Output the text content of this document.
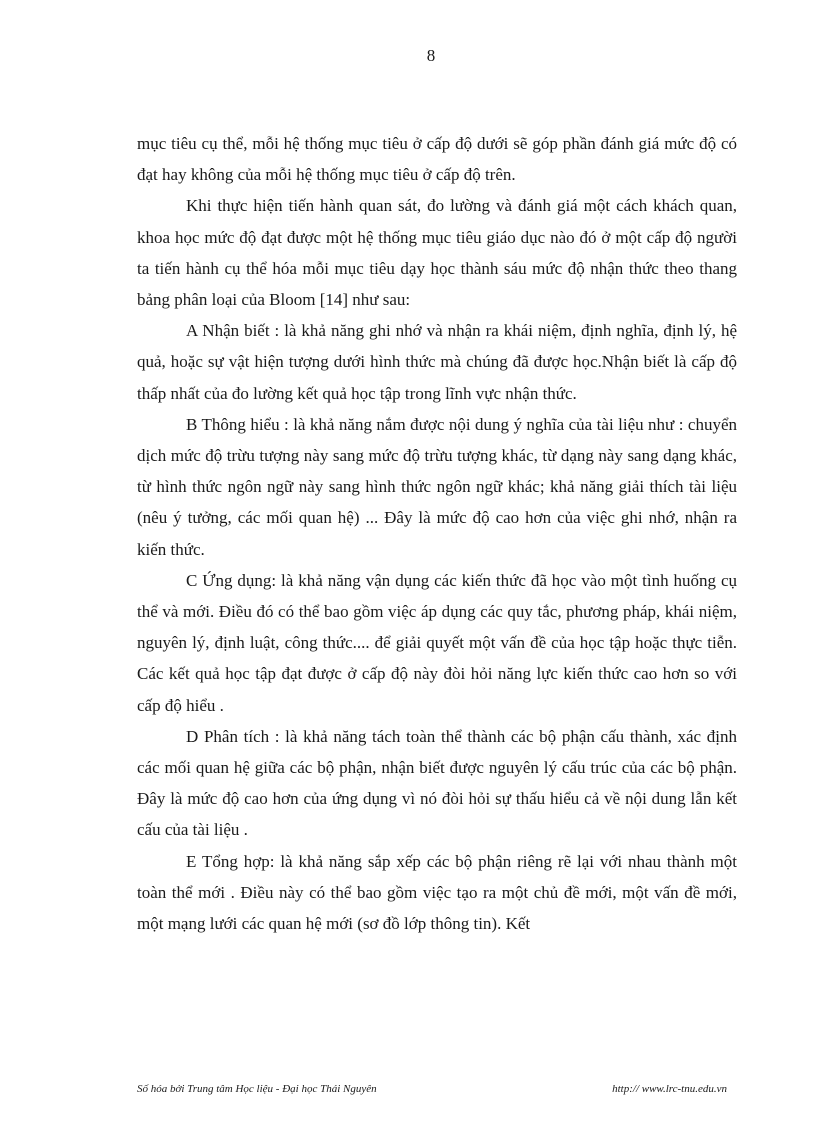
8

mục tiêu cụ thể, mỗi hệ thống mục tiêu ở cấp độ dưới sẽ góp phần đánh giá mức độ có đạt hay không của mỗi hệ thống mục tiêu ở cấp độ trên.

Khi thực hiện tiến hành quan sát, đo lường và đánh giá một cách khách quan, khoa học mức độ đạt được một hệ thống mục tiêu giáo dục nào đó ở một cấp độ người ta tiến hành cụ thể hóa mỗi mục tiêu dạy học thành sáu mức độ nhận thức theo thang bảng phân loại của Bloom [14] như sau:

A Nhận biết : là khả năng ghi nhớ và nhận ra khái niệm, định nghĩa, định lý, hệ quả, hoặc sự vật hiện tượng dưới hình thức mà chúng đã được học.Nhận biết là cấp độ thấp nhất của đo lường kết quả học tập trong lĩnh vực nhận thức.

B Thông hiểu : là khả năng nắm được nội dung ý nghĩa của tài liệu như : chuyển dịch mức độ trừu tượng này sang mức độ trừu tượng khác, từ dạng này sang dạng khác, từ hình thức ngôn ngữ này sang hình thức ngôn ngữ khác; khả năng giải thích tài liệu (nêu ý tưởng, các mối quan hệ) ... Đây là mức độ cao hơn của việc ghi nhớ, nhận ra kiến thức.

C Ứng dụng: là khả năng vận dụng các kiến thức đã học vào một tình huống cụ thể và mới. Điều đó có thể bao gồm việc áp dụng các quy tắc, phương pháp, khái niệm, nguyên lý, định luật, công thức.... để giải quyết một vấn đề của học tập hoặc thực tiễn. Các kết quả học tập đạt được ở cấp độ này đòi hỏi năng lực kiến thức cao hơn so với cấp độ hiểu .

D Phân tích : là khả năng tách toàn thể thành các bộ phận cấu thành, xác định các mối quan hệ giữa các bộ phận, nhận biết được nguyên lý cấu trúc của các bộ phận. Đây là mức độ cao hơn của ứng dụng vì nó đòi hỏi sự thấu hiểu cả về nội dung lẫn kết cấu của tài liệu .

E Tổng hợp: là khả năng sắp xếp các bộ phận riêng rẽ lại với nhau thành một toàn thể mới . Điều này có thể bao gồm việc tạo ra một chủ đề mới, một vấn đề mới, một mạng lưới các quan hệ mới (sơ đồ lớp thông tin). Kết

Số hóa bởi Trung tâm Học liệu - Đại học Thái Nguyên	http:// www.lrc-tnu.edu.vn
